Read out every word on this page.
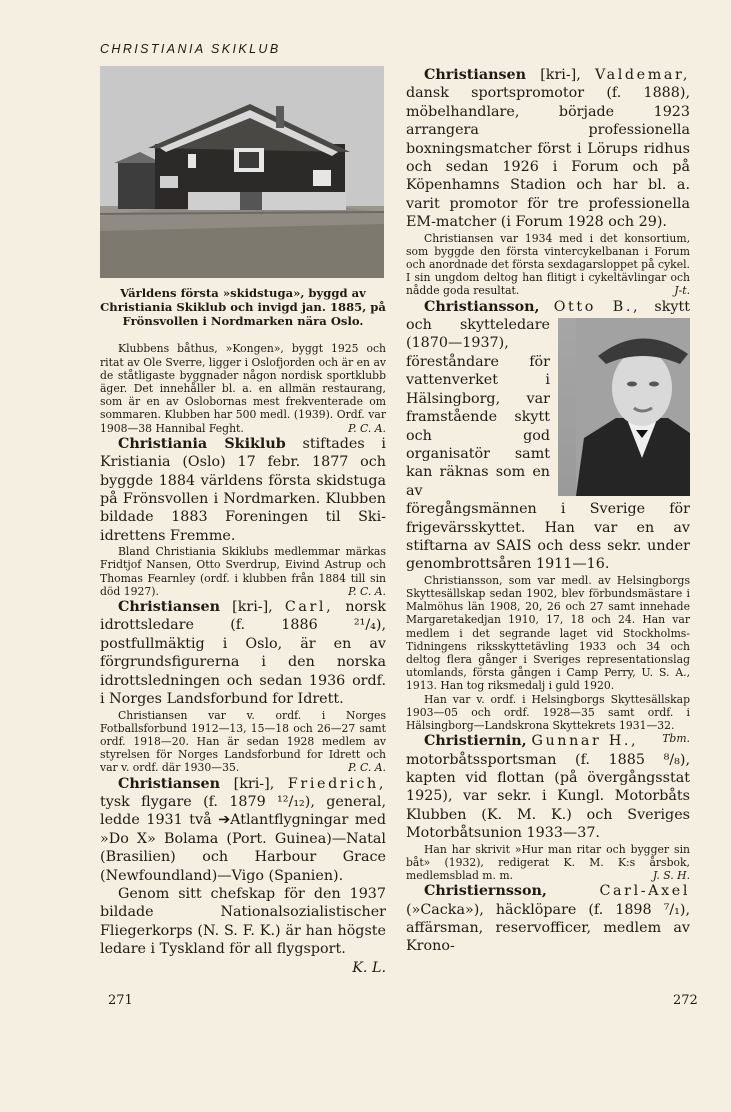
CHRISTIANIA SKIKLUB

Världens första »skidstuga», byggd av Christiania Skiklub och invigd jan. 1885, på Frönsvollen i Nordmarken nära Oslo.

Klubbens båthus, »Kongen», byggt 1925 och ritat av Ole Sverre, ligger i Oslofjorden och är en av de ståtligaste byggnader någon nordisk sportklubb äger. Det innehåller bl. a. en allmän restaurang, som är en av Oslobornas mest frekventerade om sommaren. Klubben har 500 medl. (1939). Ordf. var 1908—38 Hannibal Feght.	P. C. A.

Christiania Skiklub stiftades i Kristiania (Oslo) 17 febr. 1877 och byggde 1884 världens första skidstuga på Frönsvollen i Nordmarken. Klubben bildade 1883 Foreningen til Ski-idrettens Fremme.

Bland Christiania Skiklubs medlemmar märkas Fridtjof Nansen, Otto Sverdrup, Eivind Astrup och Thomas Fearnley (ordf. i klubben från 1884 till sin död 1927).	P. C. A.

Christiansen [kri-], Carl, norsk idrottsledare (f. 1886 ²¹/₄), postfullmäktig i Oslo, är en av förgrundsfigurerna i den norska idrottsledningen och sedan 1936 ordf. i Norges Landsforbund for Idrett.

Christiansen var v. ordf. i Norges Fotballsforbund 1912—13, 15—18 och 26—27 samt ordf. 1918—20. Han är sedan 1928 medlem av styrelsen för Norges Landsforbund for Idrett och var v. ordf. där 1930—35.	P. C. A.

Christiansen [kri-], Friedrich, tysk flygare (f. 1879 ¹²/₁₂), general, ledde 1931 två ➔Atlantflygningar med »Do X» Bolama (Port. Guinea)—Natal (Brasilien) och Harbour Grace (Newfoundland)—Vigo (Spanien).

Genom sitt chefskap för den 1937 bildade Nationalsozialistischer Fliegerkorps (N. S. F. K.) är han högste ledare i Tyskland för all flygsport.
K. L.

Christiansen [kri-], Valdemar, dansk sportspromotor (f. 1888), möbelhandlare, började 1923 arrangera professionella boxningsmatcher först i Lörups ridhus och sedan 1926 i Forum och på Köpenhamns Stadion och har bl. a. varit promotor för tre professionella EM-matcher (i Forum 1928 och 29).

Christiansen var 1934 med i det konsortium, som byggde den första vintercykelbanan i Forum och anordnade det första sexdagarsloppet på cykel. I sin ungdom deltog han flitigt i cykeltävlingar och nådde goda resultat.	J-t.

Christiansson, Otto B., skytt och skytteledare (1870—1937), föreståndare för vattenverket i Hälsingborg, var framstående skytt och god organisatör samt kan räknas som en av föregångsmännen i Sverige för frigevärsskyttet. Han var en av stiftarna av SAIS och dess sekr. under genombrottsåren 1911—16.

Christiansson, som var medl. av Helsingborgs Skyttesällskap sedan 1902, blev förbundsmästare i Malmöhus län 1908, 20, 26 och 27 samt innehade Margaretakedjan 1910, 17, 18 och 24. Han var medlem i det segrande laget vid Stockholms-Tidningens riksskyttetävling 1933 och 34 och deltog flera gånger i Sveriges representationslag utomlands, första gången i Camp Perry, U. S. A., 1913. Han tog riksmedalj i guld 1920.

Han var v. ordf. i Helsingborgs Skyttesällskap 1903—05 och ordf. 1928—35 samt ordf. i Hälsingborg—Landskrona Skyttekrets 1931—32.
Tbm.

Christiernin, Gunnar H., motorbåtssportsman (f. 1885 ⁸/₈), kapten vid flottan (på övergångsstat 1925), var sekr. i Kungl. Motorbåts Klubben (K. M. K.) och Sveriges Motorbåtsunion 1933—37.

Han har skrivit »Hur man ritar och bygger sin båt» (1932), redigerat K. M. K:s årsbok, medlemsblad m. m.	J. S. H.

Christiernsson,	Carl-Axel (»Cacka»), häcklöpare (f. 1898 ⁷/₁), affärsman, reservofficer, medlem av Krono-

271	272
